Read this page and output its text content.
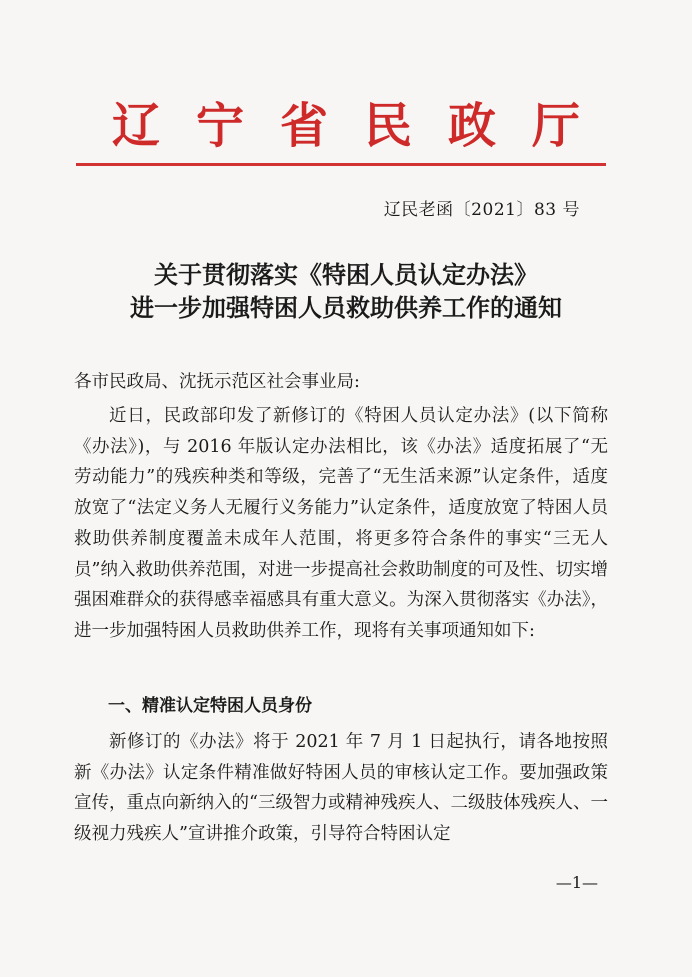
辽宁省民政厅
辽民老函〔2021〕83 号
关于贯彻落实《特困人员认定办法》
进一步加强特困人员救助供养工作的通知
各市民政局、沈抚示范区社会事业局:

近日，民政部印发了新修订的《特困人员认定办法》(以下简称《办法》)，与 2016 年版认定办法相比，该《办法》适度拓展了“无劳动能力”的残疾种类和等级，完善了“无生活来源”认定条件，适度放宽了“法定义务人无履行义务能力”认定条件，适度放宽了特困人员救助供养制度覆盖未成年人范围，将更多符合条件的事实“三无人员”纳入救助供养范围，对进一步提高社会救助制度的可及性、切实增强困难群众的获得感幸福感具有重大意义。为深入贯彻落实《办法》，进一步加强特困人员救助供养工作，现将有关事项通知如下:

一、精准认定特困人员身份

新修订的《办法》将于 2021 年 7 月 1 日起执行，请各地按照新《办法》认定条件精准做好特困人员的审核认定工作。要加强政策宣传，重点向新纳入的“三级智力或精神残疾人、二级肢体残疾人、一级视力残疾人”宣讲推介政策，引导符合特困认定

—1—
